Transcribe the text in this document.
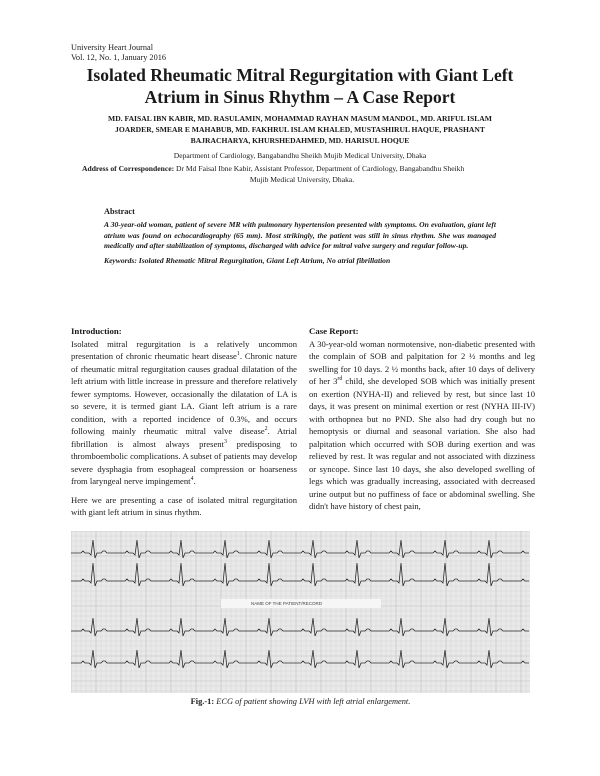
University Heart Journal
Vol. 12, No. 1, January 2016
Isolated Rheumatic Mitral Regurgitation with Giant Left
Atrium in Sinus Rhythm – A Case Report
MD. FAISAL IBN KABIR, MD. RASULAMIN, MOHAMMAD RAYHAN MASUM MANDOL, MD. ARIFUL ISLAM JOARDER, SMEAR E MAHABUB, MD. FAKHRUL ISLAM KHALED, MUSTASHIRUL HAQUE, PRASHANT BAJRACHARYA, KHURSHEDAHMED, MD. HARISUL HOQUE
Department of Cardiology, Bangabandhu Sheikh Mujib Medical University, Dhaka
Address of Correspondence: Dr Md Faisal Ibne Kabir, Assistant Professor, Department of Cardiology, Bangabandhu Sheikh
Mujib Medical University, Dhaka.
Abstract
A 30-year-old woman, patient of severe MR with pulmonary hypertension presented with symptoms. On evaluation, giant left atrium was found on echocardiography (65 mm). Most strikingly, the patient was still in sinus rhythm. She was managed medically and after stabilization of symptoms, discharged with advice for mitral valve surgery and regular follow-up.
Keywords: Isolated Rhematic Mitral Regurgitation, Giant Left Atrium, No atrial fibrillation
Introduction:

Isolated mitral regurgitation is a relatively uncommon presentation of chronic rheumatic heart disease$^1$. Chronic nature of rheumatic mitral regurgitation causes gradual dilatation of the left atrium with little increase in pressure and therefore relatively fewer symptoms. However, occasionally the dilatation of LA is so severe, it is termed giant LA. Giant left atrium is a rare condition, with a reported incidence of 0.3%, and occurs following mainly rheumatic mitral valve disease$^2$. Atrial fibrillation is almost always present$^3$ predisposing to thromboembolic complications. A subset of patients may develop severe dysphagia from esophageal compression or hoarseness from laryngeal nerve impingement$^4$.

Here we are presenting a case of isolated mitral regurgitation with giant left atrium in sinus rhythm.

Case Report:

A 30-year-old woman normotensive, non-diabetic presented with the complain of SOB and palpitation for 2 ½ months and leg swelling for 10 days. 2 ½ months back, after 10 days of delivery of her 3rd child, she developed SOB which was initially present on exertion (NYHA-II) and relieved by rest, but since last 10 days, it was present on minimal exertion or rest (NYHA III-IV) with orthopnea but no PND. She also had dry cough but no hemoptysis or diurnal and seasonal variation. She also had palpitation which occurred with SOB during exertion and was relieved by rest. It was regular and not associated with dizziness or syncope. Since last 10 days, she also developed swelling of legs which was gradually increasing, associated with decreased urine output but no puffiness of face or abdominal swelling. She didn't have history of chest pain,

NAME OF THE PATIENT/RECORD
Fig.-1: ECG of patient showing LVH with left atrial enlargement.
